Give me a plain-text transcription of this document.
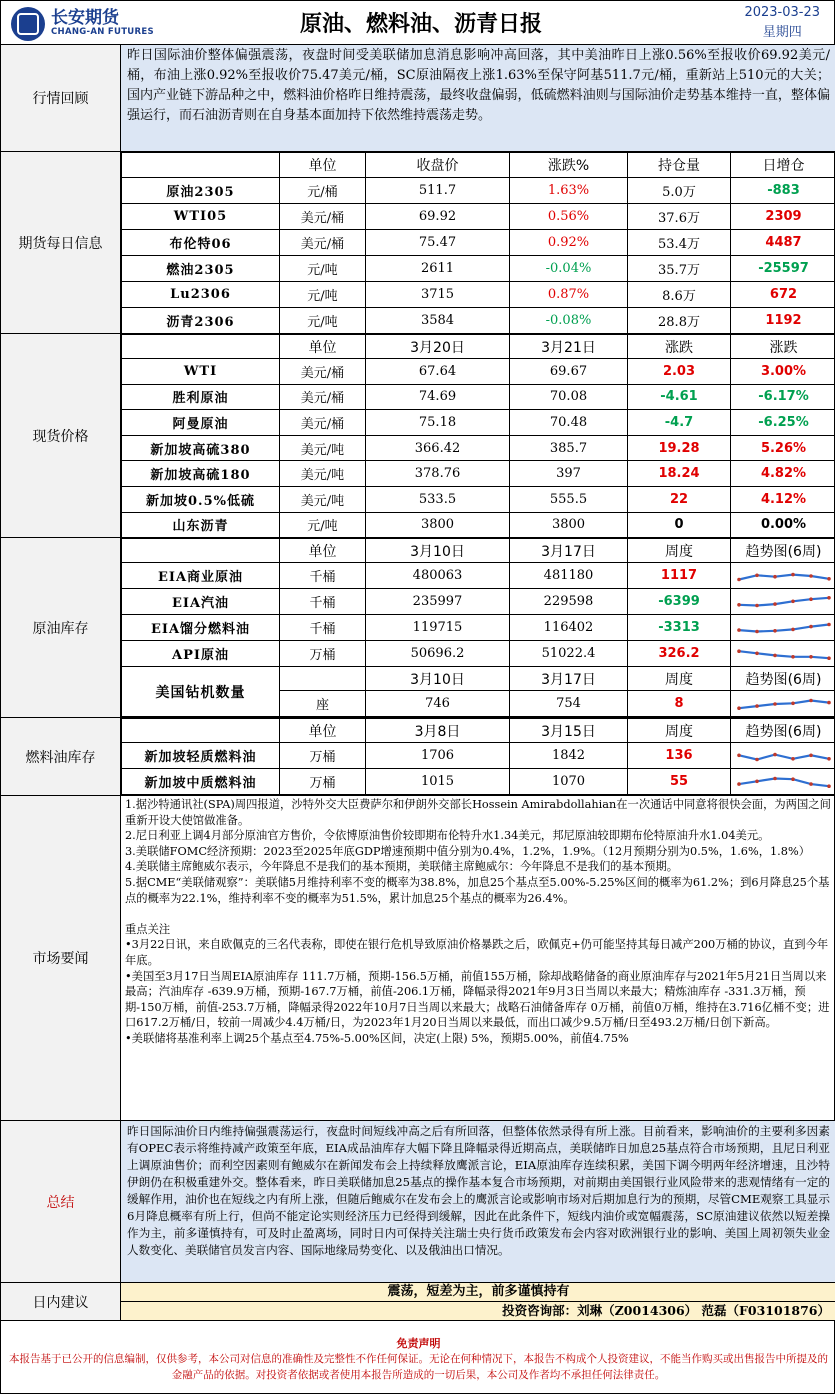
长安期货
CHANG-AN FUTURES	原油、燃料油、沥青日报	2023-03-23
星期四
行情回顾
昨日国际油价整体偏强震荡，夜盘时间受美联储加息消息影响冲高回落，其中美油昨日上涨0.56%至报收价69.92美元/桶，布油上涨0.92%至报收价75.47美元/桶，SC原油隔夜上涨1.63%至保守阿基511.7元/桶，重新站上510元的大关；国内产业链下游品种之中，燃料油价格昨日维持震荡，最终收盘偏弱，低硫燃料油则与国际油价走势基本维持一直，整体偏强运行，而石油沥青则在自身基本面加持下依然维持震荡走势。
期货每日信息
	单位	收盘价	涨跌%	持仓量	日增仓
原油2305	元/桶	511.7	1.63%	5.0万	-883
WTI05	美元/桶	69.92	0.56%	37.6万	2309
布伦特06	美元/桶	75.47	0.92%	53.4万	4487
燃油2305	元/吨	2611	-0.04%	35.7万	-25597
Lu2306	元/吨	3715	0.87%	8.6万	672
沥青2306	元/吨	3584	-0.08%	28.8万	1192
现货价格
	单位	3月20日	3月21日	涨跌	涨跌
WTI	美元/桶	67.64	69.67	2.03	3.00%
胜利原油	美元/桶	74.69	70.08	-4.61	-6.17%
阿曼原油	美元/桶	75.18	70.48	-4.7	-6.25%
新加坡高硫380	美元/吨	366.42	385.7	19.28	5.26%
新加坡高硫180	美元/吨	378.76	397	18.24	4.82%
新加坡0.5%低硫	美元/吨	533.5	555.5	22	4.12%
山东沥青	元/吨	3800	3800	0	0.00%
原油库存
	单位	3月10日	3月17日	周度	趋势图(6周)
EIA商业原油	千桶	480063	481180	1117	

EIA汽油	千桶	235997	229598	-6399	

EIA馏分燃料油	千桶	119715	116402	-3313	

API原油	万桶	50696.2	51022.4	326.2	

美国钻机数量		3月10日	3月17日	周度	趋势图(6周)
	座	746	754	8	
燃料油库存
	单位	3月8日	3月15日	周度	趋势图(6周)
新加坡轻质燃料油	万桶	1706	1842	136	

新加坡中质燃料油	万桶	1015	1070	55	
市场要闻

1.据沙特通讯社(SPA)周四报道，沙特外交大臣费萨尔和伊朗外交部长Hossein Amirabdollahian在一次通话中同意将很快会面，为两国之间重新开设大使馆做准备。

2.尼日利亚上调4月部分原油官方售价，令依博原油售价较即期布伦特升水1.34美元，邦尼原油较即期布伦特原油升水1.04美元。

3.美联储FOMC经济预期：2023至2025年底GDP增速预期中值分别为0.4%，1.2%，1.9%。（12月预期分别为0.5%，1.6%，1.8%）

4.美联储主席鲍威尔表示，今年降息不是我们的基本预期，美联储主席鲍威尔：今年降息不是我们的基本预期。

5.据CME“美联储观察”：美联储5月维持利率不变的概率为38.8%，加息25个基点至5.00%-5.25%区间的概率为61.2%；到6月降息25个基点的概率为22.1%，维持利率不变的概率为51.5%，累计加息25个基点的概率为26.4%。

重点关注

•3月22日讯，来自欧佩克的三名代表称，即使在银行危机导致原油价格暴跌之后，欧佩克+仍可能坚持其每日减产200万桶的协议，直到今年年底。

•美国至3月17日当周EIA原油库存 111.7万桶，预期-156.5万桶，前值155万桶，除却战略储备的商业原油库存与2021年5月21日当周以来最高；汽油库存 -639.9万桶，预期-167.7万桶，前值-206.1万桶，降幅录得2021年9月3日当周以来最大；精炼油库存 -331.3万桶，预期-150万桶，前值-253.7万桶，降幅录得2022年10月7日当周以来最大；战略石油储备库存 0万桶，前值0万桶，维持在3.716亿桶不变；进口617.2万桶/日，较前一周减少4.4万桶/日，为2023年1月20日当周以来最低，而出口减少9.5万桶/日至493.2万桶/日创下新高。

•美联储将基准利率上调25个基点至4.75%-5.00%区间，决定(上限) 5%，预期5.00%，前值4.75%

总结
昨日国际油价日内维持偏强震荡运行，夜盘时间短线冲高之后有所回落，但整体依然录得有所上涨。目前看来，影响油价的主要利多因素有OPEC表示将维持减产政策至年底，EIA成品油库存大幅下降且降幅录得近期高点，美联储昨日加息25基点符合市场预期，且尼日利亚上调原油售价；而利空因素则有鲍威尔在新闻发布会上持续释放鹰派言论，EIA原油库存连续积累，美国下调今明两年经济增速，且沙特伊朗仍在积极重建外交。整体看来，昨日美联储加息25基点的操作基本复合市场预期，对前期由美国银行业风险带来的悲观情绪有一定的缓解作用，油价也在短线之内有所上涨，但随后鲍威尔在发布会上的鹰派言论或影响市场对后期加息行为的预期，尽管CME观察工具显示6月降息概率有所上行，但尚不能定论实则经济压力已经得到缓解，因此在此条件下，短线内油价或宽幅震荡，SC原油建议依然以短差操作为主，前多谨慎持有，可及时止盈离场，同时日内可保持关注瑞士央行货币政策发布会内容对欧洲银行业的影响、美国上周初领失业金人数变化、美联储官员发言内容、国际地缘局势变化、以及俄油出口情况。
日内建议
震荡，短差为主，前多谨慎持有
投资咨询部：刘琳（Z0014306） 范磊（F03101876）
免责声明
本报告基于已公开的信息编制，仅供参考，本公司对信息的准确性及完整性不作任何保证。无论在何种情况下，本报告不构成个人投资建议，不能当作购买或出售报告中所提及的金融产品的依据。对投资者依据或者使用本报告所造成的一切后果，本公司及作者均不承担任何法律责任。
